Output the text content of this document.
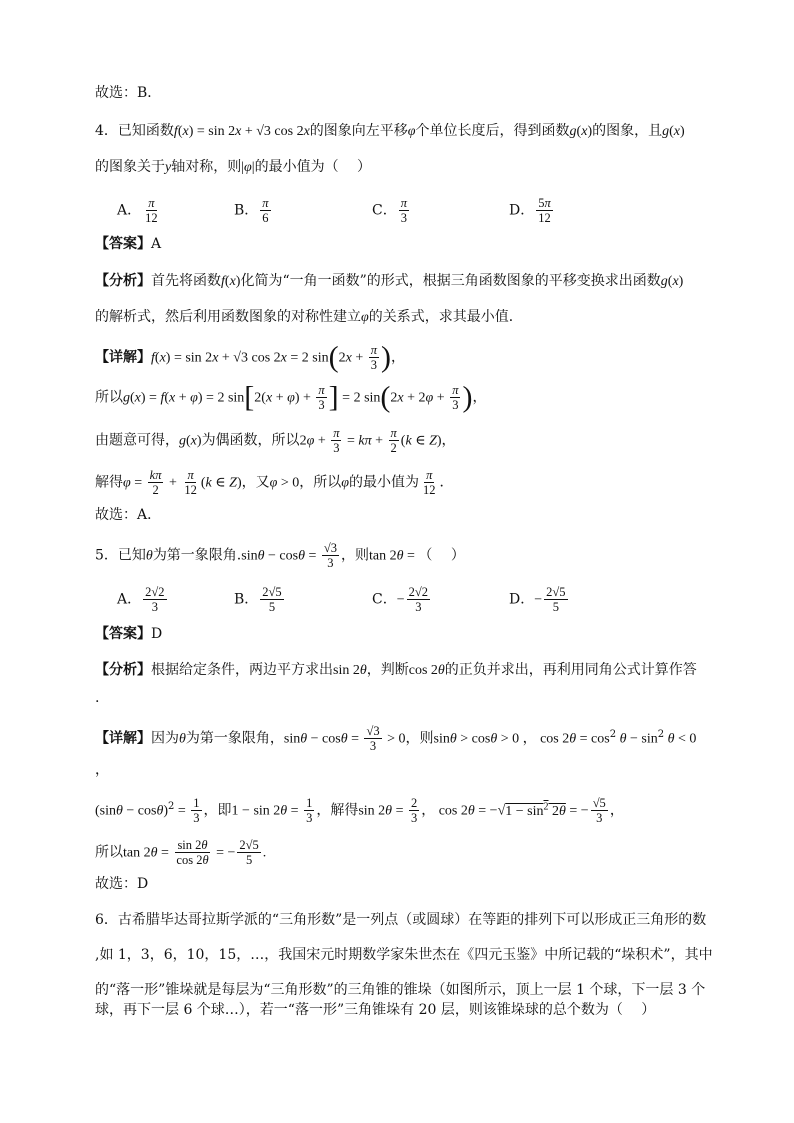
故选：B．
4．已知函数f(x) = sin 2x + √3 cos 2x的图象向左平移φ个单位长度后，得到函数g(x)的图象，且g(x)
的图象关于y轴对称，则|φ|的最小值为（　 ）
A． $\frac{\pi}{12}$	B． $\frac{\pi}{6}$	C． $\frac{\pi}{3}$	D． $\frac{5\pi}{12}$
【答案】A
【分析】首先将函数f(x)化简为“一角一函数”的形式，根据三角函数图象的平移变换求出函数g(x)
的解析式，然后利用函数图象的对称性建立φ的关系式，求其最小值．
【详解】f(x) = sin 2x + √3 cos 2x = 2 $\sin(2x + \frac{\pi}{3}$ )，
所以g(x) = f(x + φ) = 2 $\sin[2(x + \varphi) + \frac{\pi}{3}$ ] = 2 $\sin(2x + 2\varphi + \frac{\pi}{3}$ )，
由题意可得，g(x)为偶函数，所以$2\varphi + \frac{\pi}{3} = k\pi + \frac{\pi}{2} (k$ ∈ Z)，
解得$\varphi = \frac{k\pi}{2} + \frac{\pi}{12} (k$ ∈ Z)，又φ > 0，所以φ的最小值为 $\frac{\pi}{12}$ ．
故选：A．
5．已知θ为第一象限角$.\sin\theta - \cos\theta = \frac{√3}{3}$ ，则tan 2θ = （　 ）
A． $\frac{2√2}{3}$	B． $\frac{2√5}{5}$	C．− $\frac{2√2}{3}$	D．− $\frac{2√5}{5}$
【答案】D
【分析】根据给定条件，两边平方求出sin 2θ，判断cos 2θ的正负并求出，再利用同角公式计算作答
.
【详解】因为θ为第一象限角，$\sin\theta - \cos\theta = \frac{√3}{3} > 0$，则sinθ > cosθ > 0 ， $\cos 2\theta = \cos^2 \theta - \sin^2 \theta < 0$
，
$(\sin\theta - \cos\theta)^2 = \frac{1}{3}$ ，即$1 - \sin 2\theta = \frac{1}{3}$ ，解得$\sin 2\theta = \frac{2}{3}$ ， $\cos 2\theta = -√1 - \sin^2 2\theta$ = − $\frac{√5}{3}$ ，
所以$\tan 2\theta = \frac{\sin 2\theta}{\cos 2\theta}$ = − $\frac{2√5}{5}$ .
故选：D
6．古希腊毕达哥拉斯学派的“三角形数”是一列点（或圆球）在等距的排列下可以形成正三角形的数
,如 1，3，6，10，15，…，我国宋元时期数学家朱世杰在《四元玉鉴》中所记载的“垛积术”，其中
的“落一形”锥垛就是每层为“三角形数”的三角锥的锥垛（如图所示，顶上一层 1 个球，下一层 3 个
球，再下一层 6 个球…），若一“落一形”三角锥垛有 20 层，则该锥垛球的总个数为（　 ）
